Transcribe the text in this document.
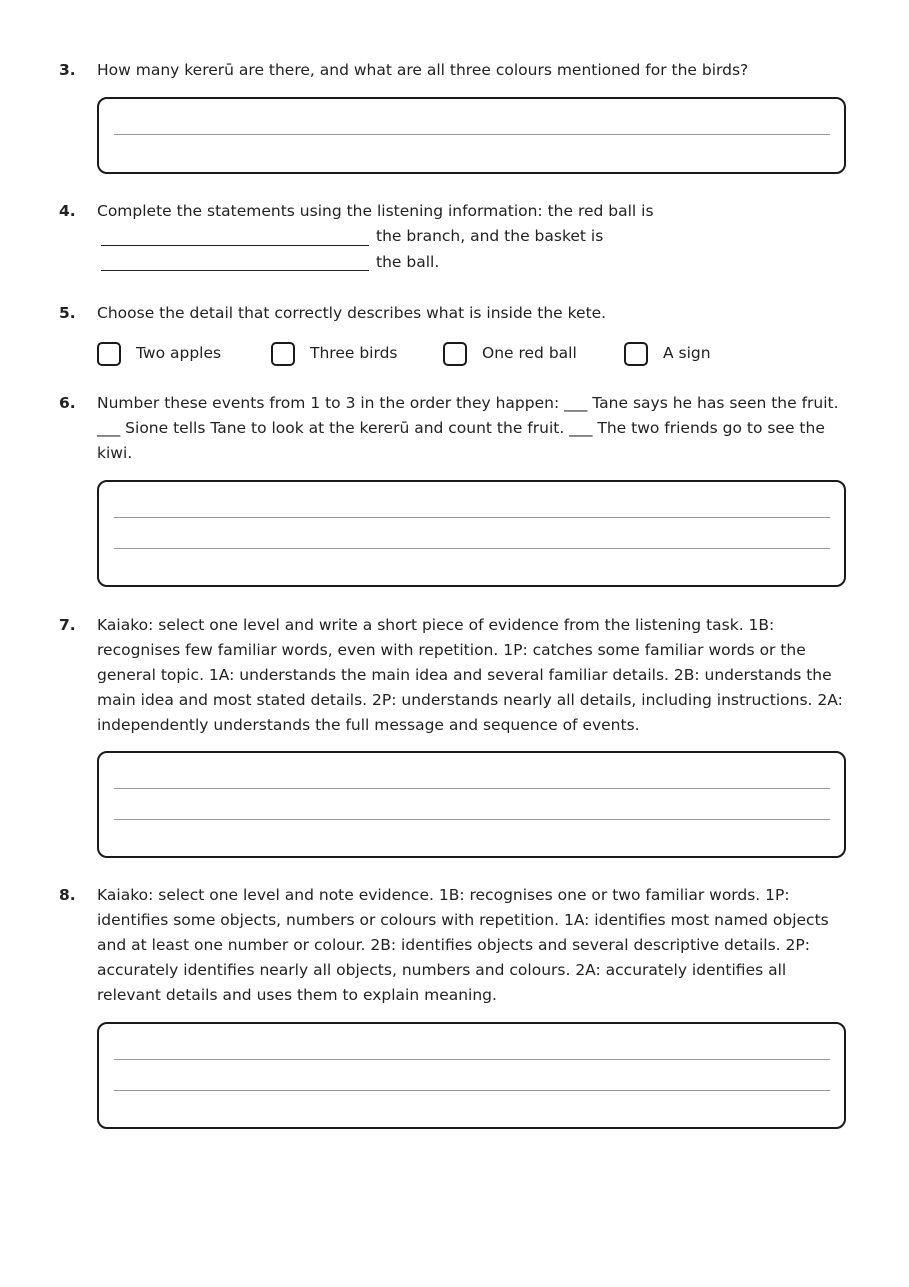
3. How many kererū are there, and what are all three colours mentioned for the birds?
4. Complete the statements using the listening information: the red ball is
the branch, and the basket is
the ball.
5. Choose the detail that correctly describes what is inside the kete.
Two apples	Three birds	One red ball	A sign
6. Number these events from 1 to 3 in the order they happen: ___ Tane says he has seen the fruit. ___ Sione tells Tane to look at the kererū and count the fruit. ___ The two friends go to see the kiwi.
7. Kaiako: select one level and write a short piece of evidence from the listening task. 1B: recognises few familiar words, even with repetition. 1P: catches some familiar words or the general topic. 1A: understands the main idea and several familiar details. 2B: understands the main idea and most stated details. 2P: understands nearly all details, including instructions. 2A: independently understands the full message and sequence of events.
8. Kaiako: select one level and note evidence. 1B: recognises one or two familiar words. 1P: identifies some objects, numbers or colours with repetition. 1A: identifies most named objects and at least one number or colour. 2B: identifies objects and several descriptive details. 2P: accurately identifies nearly all objects, numbers and colours. 2A: accurately identifies all relevant details and uses them to explain meaning.
